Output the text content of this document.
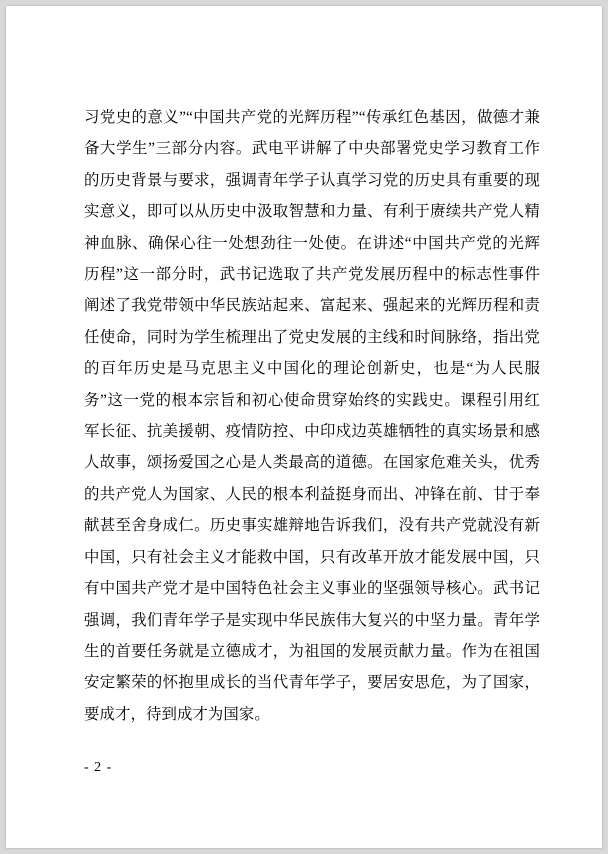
习党史的意义”“中国共产党的光辉历程”“传承红色基因，做德才兼备大学生”三部分内容。武电平讲解了中央部署党史学习教育工作的历史背景与要求，强调青年学子认真学习党的历史具有重要的现实意义，即可以从历史中汲取智慧和力量、有利于赓续共产党人精神血脉、确保心往一处想劲往一处使。在讲述“中国共产党的光辉历程”这一部分时，武书记选取了共产党发展历程中的标志性事件阐述了我党带领中华民族站起来、富起来、强起来的光辉历程和责任使命，同时为学生梳理出了党史发展的主线和时间脉络，指出党的百年历史是马克思主义中国化的理论创新史，也是“为人民服务”这一党的根本宗旨和初心使命贯穿始终的实践史。课程引用红军长征、抗美援朝、疫情防控、中印戍边英雄牺牲的真实场景和感人故事，颂扬爱国之心是人类最高的道德。在国家危难关头，优秀的共产党人为国家、人民的根本利益挺身而出、冲锋在前、甘于奉献甚至舍身成仁。历史事实雄辩地告诉我们，没有共产党就没有新中国，只有社会主义才能救中国，只有改革开放才能发展中国，只有中国共产党才是中国特色社会主义事业的坚强领导核心。武书记强调，我们青年学子是实现中华民族伟大复兴的中坚力量。青年学生的首要任务就是立德成才，为祖国的发展贡献力量。作为在祖国安定繁荣的怀抱里成长的当代青年学子，要居安思危，为了国家，要成才，待到成才为国家。

- 2 -
